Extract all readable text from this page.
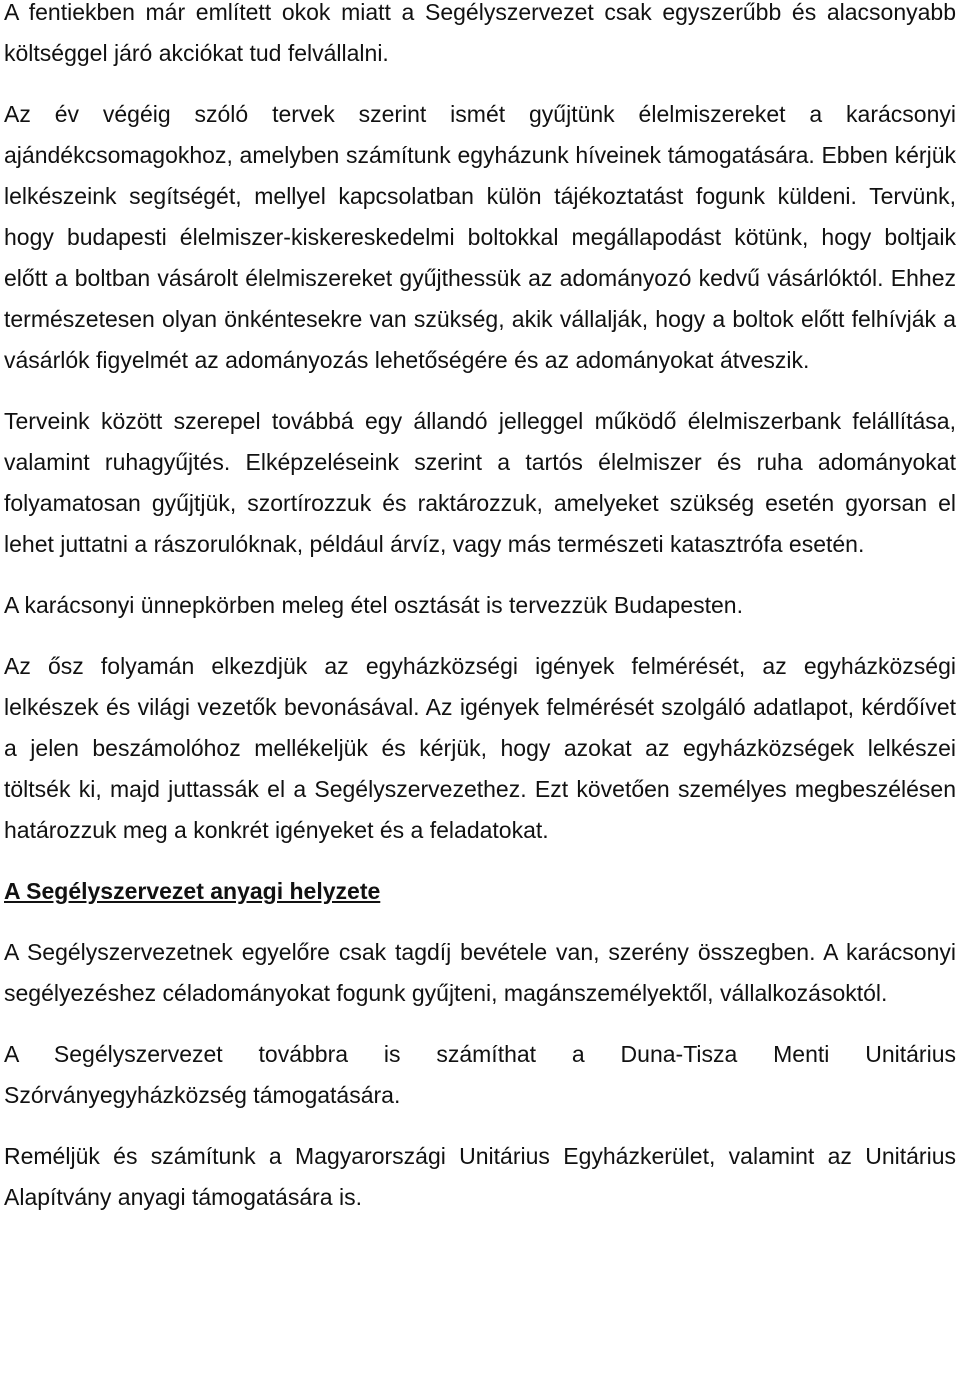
A fentiekben már említett okok miatt a Segélyszervezet csak egyszerűbb és alacsonyabb költséggel járó akciókat tud felvállalni.

Az év végéig szóló tervek szerint ismét gyűjtünk élelmiszereket a karácsonyi ajándékcsomagokhoz, amelyben számítunk egyházunk híveinek támogatására. Ebben kérjük lelkészeink segítségét, mellyel kapcsolatban külön tájékoztatást fogunk küldeni. Tervünk, hogy budapesti élelmiszer-kiskereskedelmi boltokkal megállapodást kötünk, hogy boltjaik előtt a boltban vásárolt élelmiszereket gyűjthessük az adományozó kedvű vásárlóktól. Ehhez természetesen olyan önkéntesekre van szükség, akik vállalják, hogy a boltok előtt felhívják a vásárlók figyelmét az adományozás lehetőségére és az adományokat átveszik.

Terveink között szerepel továbbá egy állandó jelleggel működő élelmiszerbank felállítása, valamint ruhagyűjtés. Elképzeléseink szerint a tartós élelmiszer és ruha adományokat folyamatosan gyűjtjük, szortírozzuk és raktározzuk, amelyeket szükség esetén gyorsan el lehet juttatni a rászorulóknak, például árvíz, vagy más természeti katasztrófa esetén.

A karácsonyi ünnepkörben meleg étel osztását is tervezzük Budapesten.

Az ősz folyamán elkezdjük az egyházközségi igények felmérését, az egyházközségi lelkészek és világi vezetők bevonásával. Az igények felmérését szolgáló adatlapot, kérdőívet a jelen beszámolóhoz mellékeljük és kérjük, hogy azokat az egyházközségek lelkészei töltsék ki, majd juttassák el a Segélyszervezethez. Ezt követően személyes megbeszélésen határozzuk meg a konkrét igényeket és a feladatokat.

A Segélyszervezet anyagi helyzete

A Segélyszervezetnek egyelőre csak tagdíj bevétele van, szerény összegben. A karácsonyi segélyezéshez céladományokat fogunk gyűjteni, magánszemélyektől, vállalkozásoktól.

A Segélyszervezet továbbra is számíthat a Duna-Tisza Menti Unitárius Szórványegyházközség támogatására.

Reméljük és számítunk a Magyarországi Unitárius Egyházkerület, valamint az Unitárius Alapítvány anyagi támogatására is.
